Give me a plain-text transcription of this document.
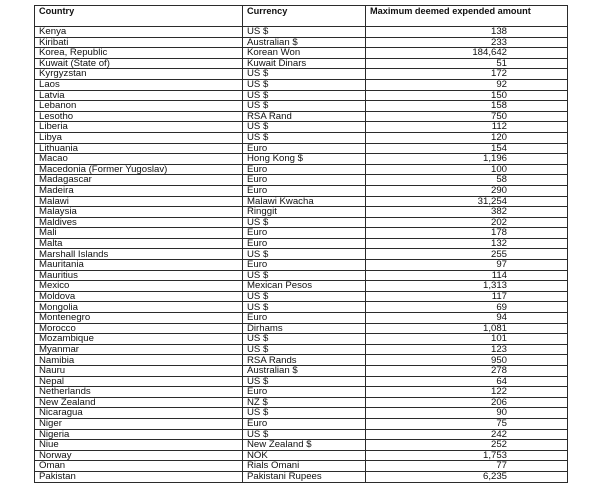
Country	Currency	Maximum deemed expended amount
Kenya	US $	138
Kiribati	Australian $	233
Korea, Republic	Korean Won	184,642
Kuwait (State of)	Kuwait Dinars	51
Kyrgyzstan	US $	172
Laos	US $	92
Latvia	US $	150
Lebanon	US $	158
Lesotho	RSA Rand	750
Liberia	US $	112
Libya	US $	120
Lithuania	Euro	154
Macao	Hong Kong $	1,196
Macedonia (Former Yugoslav)	Euro	100
Madagascar	Euro	58
Madeira	Euro	290
Malawi	Malawi Kwacha	31,254
Malaysia	Ringgit	382
Maldives	US $	202
Mali	Euro	178
Malta	Euro	132
Marshall Islands	US $	255
Mauritania	Euro	97
Mauritius	US $	114
Mexico	Mexican Pesos	1,313
Moldova	US $	117
Mongolia	US $	69
Montenegro	Euro	94
Morocco	Dirhams	1,081
Mozambique	US $	101
Myanmar	US $	123
Namibia	RSA Rands	950
Nauru	Australian $	278
Nepal	US $	64
Netherlands	Euro	122
New Zealand	NZ $	206
Nicaragua	US $	90
Niger	Euro	75
Nigeria	US $	242
Niue	New Zealand $	252
Norway	NOK	1,753
Oman	Rials Omani	77
Pakistan	Pakistani Rupees	6,235
